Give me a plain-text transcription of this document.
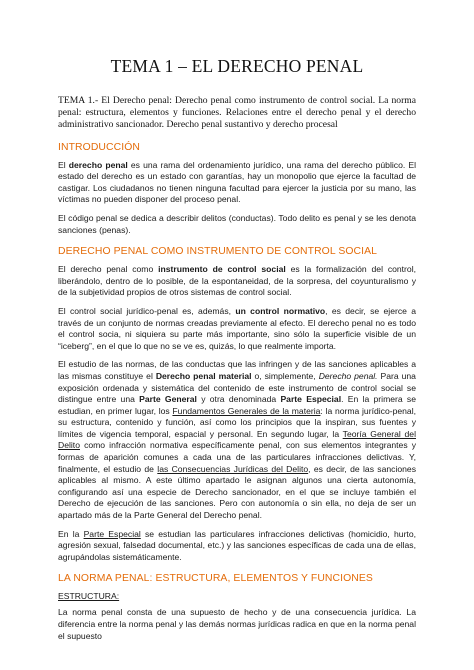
TEMA 1 – EL DERECHO PENAL
TEMA 1.- El Derecho penal: Derecho penal como instrumento de control social. La norma penal: estructura, elementos y funciones. Relaciones entre el derecho penal y el derecho administrativo sancionador. Derecho penal sustantivo y derecho procesal
INTRODUCCIÓN

El derecho penal es una rama del ordenamiento jurídico, una rama del derecho público. El estado del derecho es un estado con garantías, hay un monopolio que ejerce la facultad de castigar. Los ciudadanos no tienen ninguna facultad para ejercer la justicia por su mano, las víctimas no pueden disponer del proceso penal.

El código penal se dedica a describir delitos (conductas). Todo delito es penal y se les denota sanciones (penas).

DERECHO PENAL COMO INSTRUMENTO DE CONTROL SOCIAL

El derecho penal como instrumento de control social es la formalización del control, liberándolo, dentro de lo posible, de la espontaneidad, de la sorpresa, del coyunturalismo y de la subjetividad propios de otros sistemas de control social.

El control social jurídico-penal es, además, un control normativo, es decir, se ejerce a través de un conjunto de normas creadas previamente al efecto. El derecho penal no es todo el control socia, ni siquiera su parte más importante, sino sólo la superficie visible de un “iceberg”, en el que lo que no se ve es, quizás, lo que realmente importa.

El estudio de las normas, de las conductas que las infringen y de las sanciones aplicables a las mismas constituye el Derecho penal material o, simplemente, Derecho penal. Para una exposición ordenada y sistemática del contenido de este instrumento de control social se distingue entre una Parte General y otra denominada Parte Especial. En la primera se estudian, en primer lugar, los Fundamentos Generales de la materia: la norma jurídico-penal, su estructura, contenido y función, así como los principios que la inspiran, sus fuentes y límites de vigencia temporal, espacial y personal. En segundo lugar, la Teoría General del Delito como infracción normativa específicamente penal, con sus elementos integrantes y formas de aparición comunes a cada una de las particulares infracciones delictivas. Y, finalmente, el estudio de las Consecuencias Jurídicas del Delito, es decir, de las sanciones aplicables al mismo. A este último apartado le asignan algunos una cierta autonomía, configurando así una especie de Derecho sancionador, en el que se incluye también el Derecho de ejecución de las sanciones. Pero con autonomía o sin ella, no deja de ser un apartado más de la Parte General del Derecho penal.

En la Parte Especial se estudian las particulares infracciones delictivas (homicidio, hurto, agresión sexual, falsedad documental, etc.) y las sanciones específicas de cada una de ellas, agrupándolas sistemáticamente.

LA NORMA PENAL: ESTRUCTURA, ELEMENTOS Y FUNCIONES
ESTRUCTURA:

La norma penal consta de una supuesto de hecho y de una consecuencia jurídica. La diferencia entre la norma penal y las demás normas jurídicas radica en que en la norma penal el supuesto
